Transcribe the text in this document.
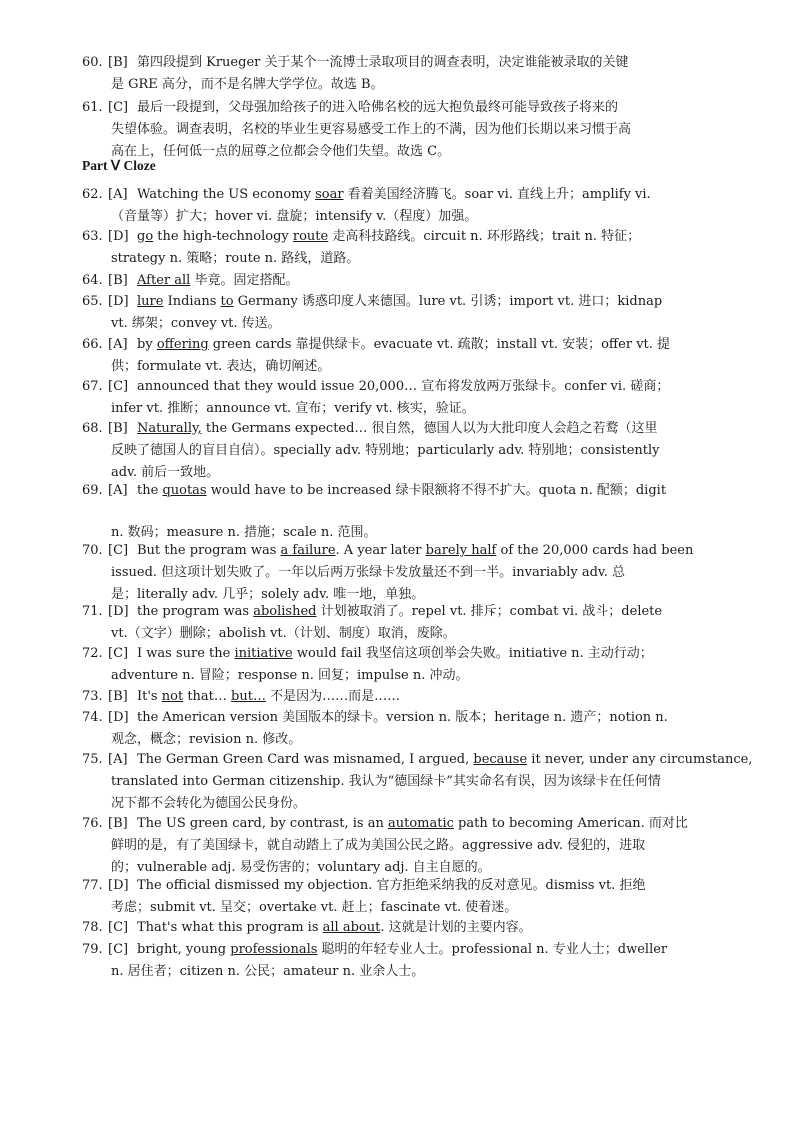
Part Ⅴ Cloze
60. [B] 第四段提到 Krueger 关于某个一流博士录取项目的调查表明，决定谁能被录取的关键
是 GRE 高分，而不是名牌大学学位。故选 B。
61. [C] 最后一段提到，父母强加给孩子的进入哈佛名校的远大抱负最终可能导致孩子将来的
失望体验。调查表明，名校的毕业生更容易感受工作上的不满，因为他们长期以来习惯于高
高在上，任何低一点的屈尊之位都会令他们失望。故选 C。
62. [A] Watching the US economy soar 看着美国经济腾飞。soar vi. 直线上升；amplify vi.
（音量等）扩大；hover vi. 盘旋；intensify v.（程度）加强。
63. [D] go the high-technology route 走高科技路线。circuit n. 环形路线；trait n. 特征；
strategy n. 策略；route n. 路线，道路。
64. [B] After all 毕竟。固定搭配。
65. [D] lure Indians to Germany 诱惑印度人来德国。lure vt. 引诱；import vt. 进口；kidnap
vt. 绑架；convey vt. 传送。
66. [A] by offering green cards 靠提供绿卡。evacuate vt. 疏散；install vt. 安装；offer vt. 提
供；formulate vt. 表达，确切阐述。
67. [C] announced that they would issue 20,000… 宣布将发放两万张绿卡。confer vi. 磋商；
infer vt. 推断；announce vt. 宣布；verify vt. 核实，验证。
68. [B] Naturally, the Germans expected… 很自然，德国人以为大批印度人会趋之若鹜（这里
反映了德国人的盲目自信）。specially adv. 特别地；particularly adv. 特别地；consistently
adv. 前后一致地。
69. [A] the quotas would have to be increased 绿卡限额将不得不扩大。quota n. 配额；digit
n. 数码；measure n. 措施；scale n. 范围。
70. [C] But the program was a failure. A year later barely half of the 20,000 cards had been
issued. 但这项计划失败了。一年以后两万张绿卡发放量还不到一半。invariably adv. 总
是；literally adv. 几乎；solely adv. 唯一地，单独。
71. [D] the program was abolished 计划被取消了。repel vt. 排斥；combat vi. 战斗；delete
vt.（文字）删除；abolish vt.（计划、制度）取消，废除。
72. [C] I was sure the initiative would fail 我坚信这项创举会失败。initiative n. 主动行动；
adventure n. 冒险；response n. 回复；impulse n. 冲动。
73. [B] It's not that… but… 不是因为……而是……
74. [D] the American version 美国版本的绿卡。version n. 版本；heritage n. 遗产；notion n.
观念，概念；revision n. 修改。
75. [A] The German Green Card was misnamed, I argued, because it never, under any circumstance,
translated into German citizenship. 我认为“德国绿卡”其实命名有误，因为该绿卡在任何情
况下都不会转化为德国公民身份。
76. [B] The US green card, by contrast, is an automatic path to becoming American. 而对比
鲜明的是，有了美国绿卡，就自动踏上了成为美国公民之路。aggressive adv. 侵犯的，进取
的；vulnerable adj. 易受伤害的；voluntary adj. 自主自愿的。
77. [D] The official dismissed my objection. 官方拒绝采纳我的反对意见。dismiss vt. 拒绝
考虑；submit vt. 呈交；overtake vt. 赶上；fascinate vt. 使着迷。
78. [C] That's what this program is all about. 这就是计划的主要内容。
79. [C] bright, young professionals 聪明的年轻专业人士。professional n. 专业人士；dweller
n. 居住者；citizen n. 公民；amateur n. 业余人士。
